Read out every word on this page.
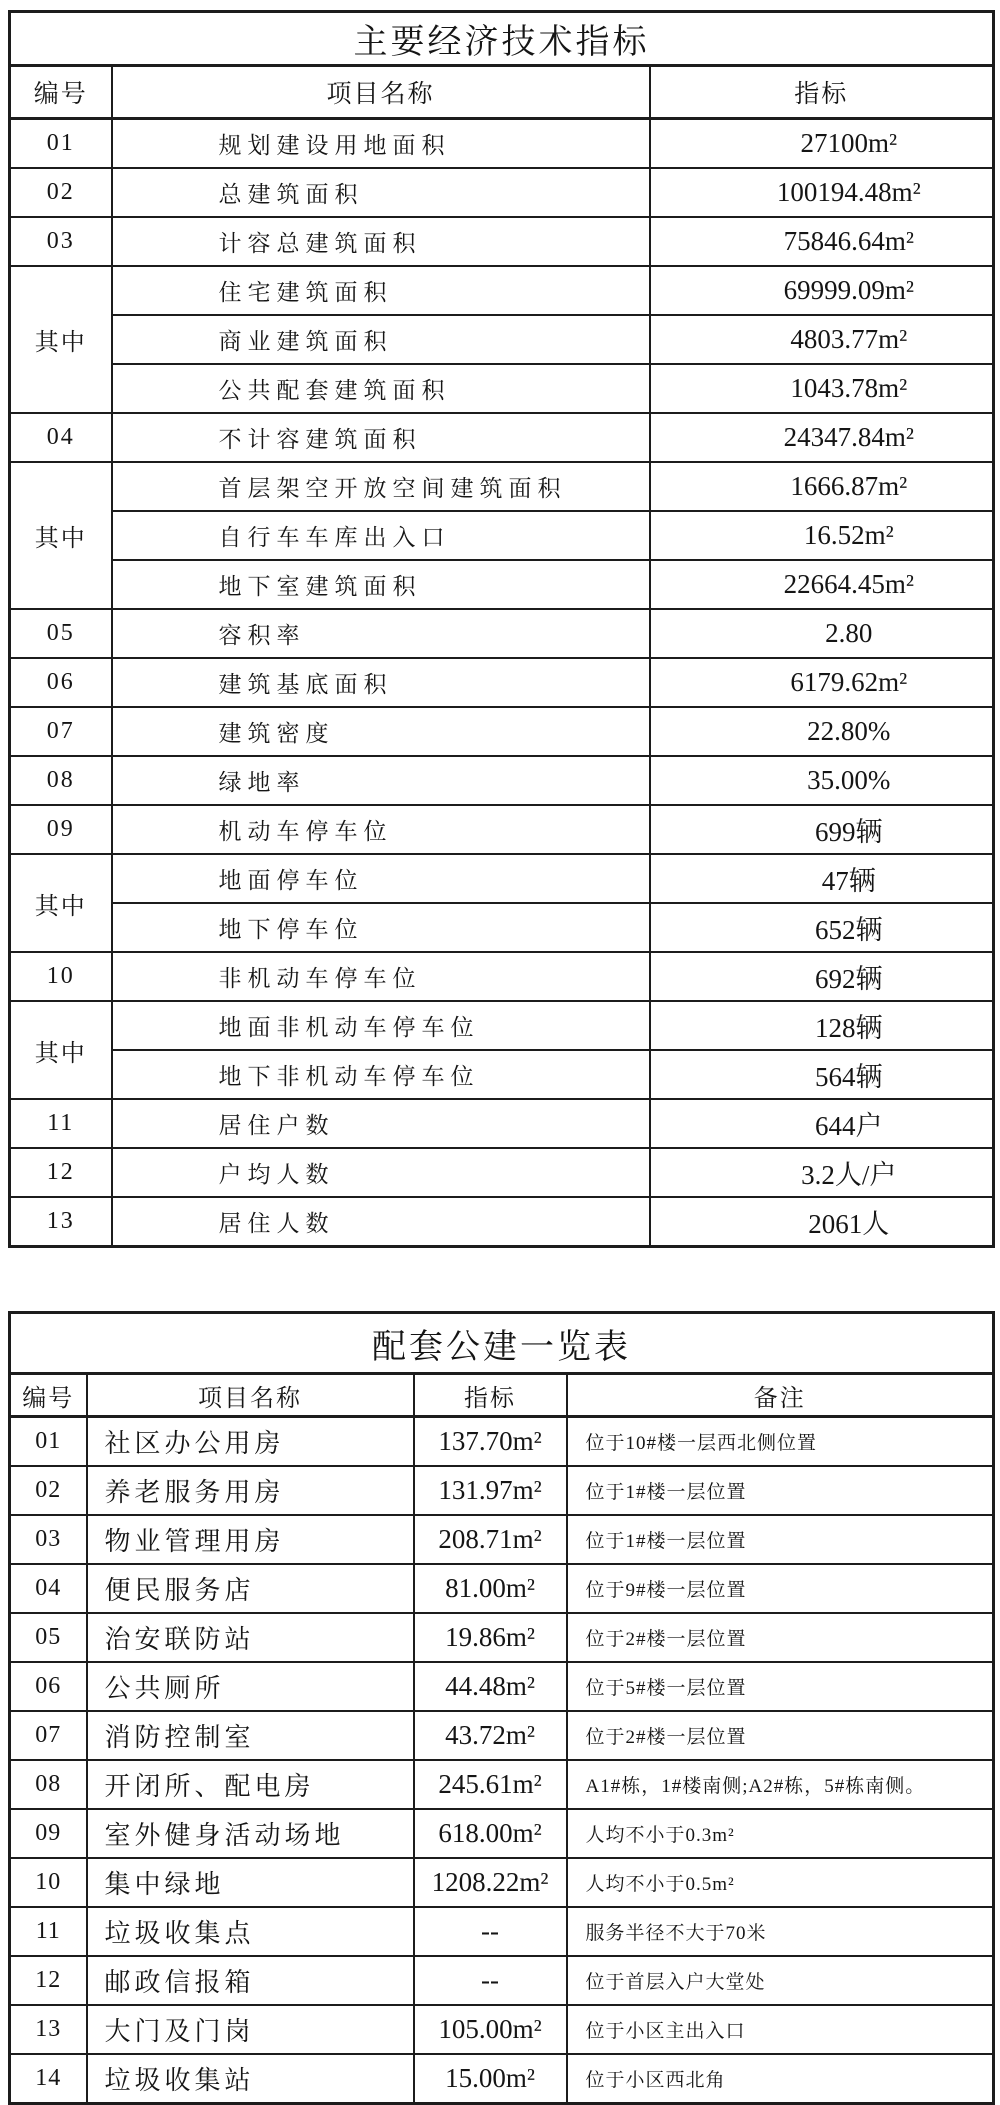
主要经济技术指标		
编号	项目名称	指标
01	规划建设用地面积	27100m²
02	总建筑面积	100194.48m²
03	计容总建筑面积	75846.64m²
其中	住宅建筑面积	69999.09m²
	商业建筑面积	4803.77m²
	公共配套建筑面积	1043.78m²
04	不计容建筑面积	24347.84m²
其中	首层架空开放空间建筑面积	1666.87m²
	自行车车库出入口	16.52m²
	地下室建筑面积	22664.45m²
05	容积率	2.80
06	建筑基底面积	6179.62m²
07	建筑密度	22.80%
08	绿地率	35.00%
09	机动车停车位	699辆
其中	地面停车位	47辆
	地下停车位	652辆
10	非机动车停车位	692辆
其中	地面非机动车停车位	128辆
	地下非机动车停车位	564辆
11	居住户数	644户
12	户均人数	3.2人/户
13	居住人数	2061人
配套公建一览表			
编号	项目名称	指标	备注
01	社区办公用房	137.70m²	位于10#楼一层西北侧位置
02	养老服务用房	131.97m²	位于1#楼一层位置
03	物业管理用房	208.71m²	位于1#楼一层位置
04	便民服务店	81.00m²	位于9#楼一层位置
05	治安联防站	19.86m²	位于2#楼一层位置
06	公共厕所	44.48m²	位于5#楼一层位置
07	消防控制室	43.72m²	位于2#楼一层位置
08	开闭所、配电房	245.61m²	A1#栋，1#楼南侧;A2#栋，5#栋南侧。
09	室外健身活动场地	618.00m²	人均不小于0.3m²
10	集中绿地	1208.22m²	人均不小于0.5m²
11	垃圾收集点	--	服务半径不大于70米
12	邮政信报箱	--	位于首层入户大堂处
13	大门及门岗	105.00m²	位于小区主出入口
14	垃圾收集站	15.00m²	位于小区西北角
